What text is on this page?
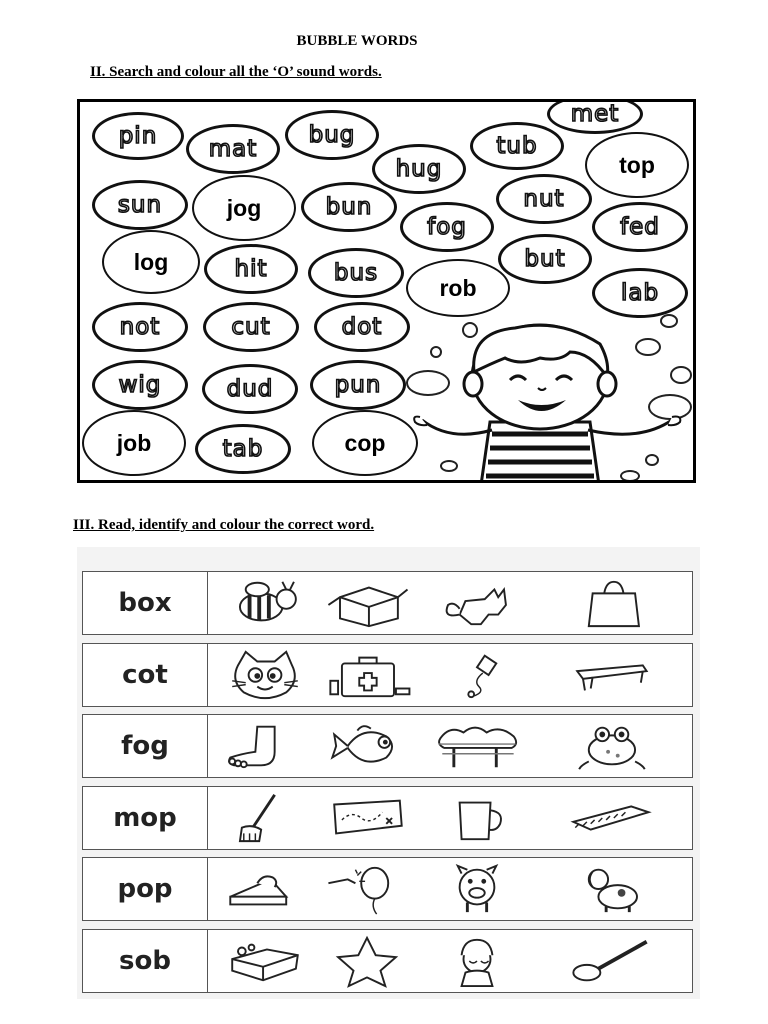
BUBBLE WORDS
II. Search and colour all the ‘O’ sound words.
pin	mat
bug
hug
tub
met
top
sun	jog	bun
fog
nut
fed
log	hit	bus
rob
but
lab
not	cut	dot
wig	dud	pun
job	tab	cop
III. Read, identify and colour the correct word.
box
cot
fog
mop
pop
sob
